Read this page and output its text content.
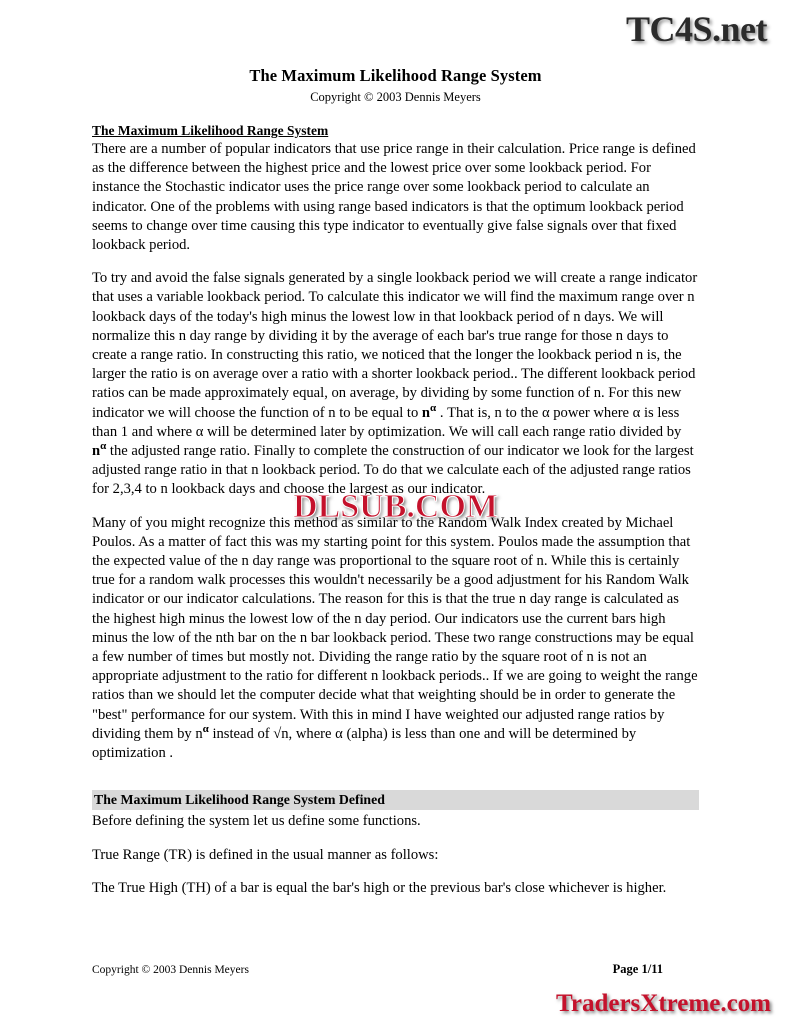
TC4S.net
DLSUB.COM
TradersXtreme.com
The Maximum Likelihood Range System
Copyright © 2003 Dennis Meyers
The Maximum Likelihood Range System

There are a number of popular indicators that use price range in their calculation. Price range is defined as the difference between the highest price and the lowest price over some lookback period. For instance the Stochastic indicator uses the price range over some lookback period to calculate an indicator. One of the problems with using range based indicators is that the optimum lookback period seems to change over time causing this type indicator to eventually give false signals over that fixed lookback period.

To try and avoid the false signals generated by a single lookback period we will create a range indicator that uses a variable lookback period. To calculate this indicator we will find the maximum range over n lookback days of the today's high minus the lowest low in that lookback period of n days. We will normalize this n day range by dividing it by the average of each bar's true range for those n days to create a range ratio. In constructing this ratio, we noticed that the longer the lookback period n is, the larger the ratio is on average over a ratio with a shorter lookback period.. The different lookback period ratios can be made approximately equal, on average, by dividing by some function of n. For this new indicator we will choose the function of n to be equal to $n^\alpha$ . That is, n to the α power where α is less than 1 and where α will be determined later by optimization. We will call each range ratio divided by $n^\alpha$ the adjusted range ratio. Finally to complete the construction of our indicator we look for the largest adjusted range ratio in that n lookback period. To do that we calculate each of the adjusted range ratios for 2,3,4 to n lookback days and choose the largest as our indicator.

Many of you might recognize this method as similar to the Random Walk Index created by Michael Poulos. As a matter of fact this was my starting point for this system. Poulos made the assumption that the expected value of the n day range was proportional to the square root of n. While this is certainly true for a random walk processes this wouldn't necessarily be a good adjustment for his Random Walk indicator or our indicator calculations. The reason for this is that the true n day range is calculated as the highest high minus the lowest low of the n day period. Our indicators use the current bars high minus the low of the nth bar on the n bar lookback period. These two range constructions may be equal a few number of times but mostly not. Dividing the range ratio by the square root of n is not an appropriate adjustment to the ratio for different n lookback periods.. If we are going to weight the range ratios than we should let the computer decide what that weighting should be in order to generate the "best" performance for our system. With this in mind I have weighted our adjusted range ratios by dividing them by $n^\alpha$ instead of √n, where α (alpha) is less than one and will be determined by optimization .

The Maximum Likelihood Range System Defined

Before defining the system let us define some functions.

True Range (TR) is defined in the usual manner as follows:

The True High (TH) of a bar is equal the bar's high or the previous bar's close whichever is higher.

Copyright © 2003 Dennis Meyers	Page 1/11
